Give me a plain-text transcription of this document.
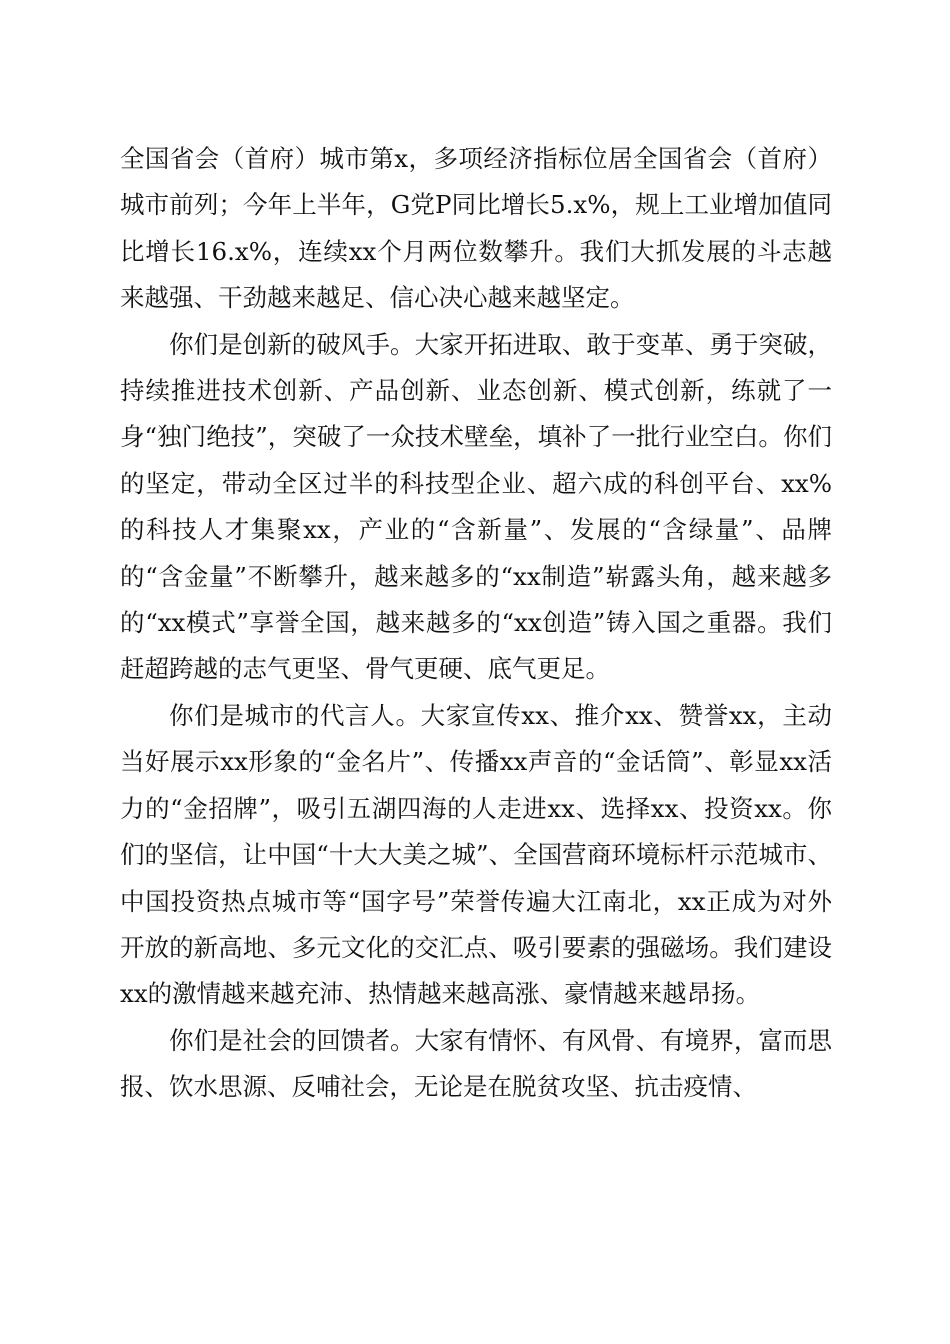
全国省会（首府）城市第x，多项经济指标位居全国省会（首府）城市前列；今年上半年，G党P同比增长5.x%，规上工业增加值同比增长16.x%，连续xx个月两位数攀升。我们大抓发展的斗志越来越强、干劲越来越足、信心决心越来越坚定。

你们是创新的破风手。大家开拓进取、敢于变革、勇于突破，持续推进技术创新、产品创新、业态创新、模式创新，练就了一身“独门绝技”，突破了一众技术壁垒，填补了一批行业空白。你们的坚定，带动全区过半的科技型企业、超六成的科创平台、xx%的科技人才集聚xx，产业的“含新量”、发展的“含绿量”、品牌的“含金量”不断攀升，越来越多的“xx制造”崭露头角，越来越多的“xx模式”享誉全国，越来越多的“xx创造”铸入国之重器。我们赶超跨越的志气更坚、骨气更硬、底气更足。

你们是城市的代言人。大家宣传xx、推介xx、赞誉xx，主动当好展示xx形象的“金名片”、传播xx声音的“金话筒”、彰显xx活力的“金招牌”，吸引五湖四海的人走进xx、选择xx、投资xx。你们的坚信，让中国“十大大美之城”、全国营商环境标杆示范城市、中国投资热点城市等“国字号”荣誉传遍大江南北，xx正成为对外开放的新高地、多元文化的交汇点、吸引要素的强磁场。我们建设xx的激情越来越充沛、热情越来越高涨、豪情越来越昂扬。

你们是社会的回馈者。大家有情怀、有风骨、有境界，富而思报、饮水思源、反哺社会，无论是在脱贫攻坚、抗击疫情、
